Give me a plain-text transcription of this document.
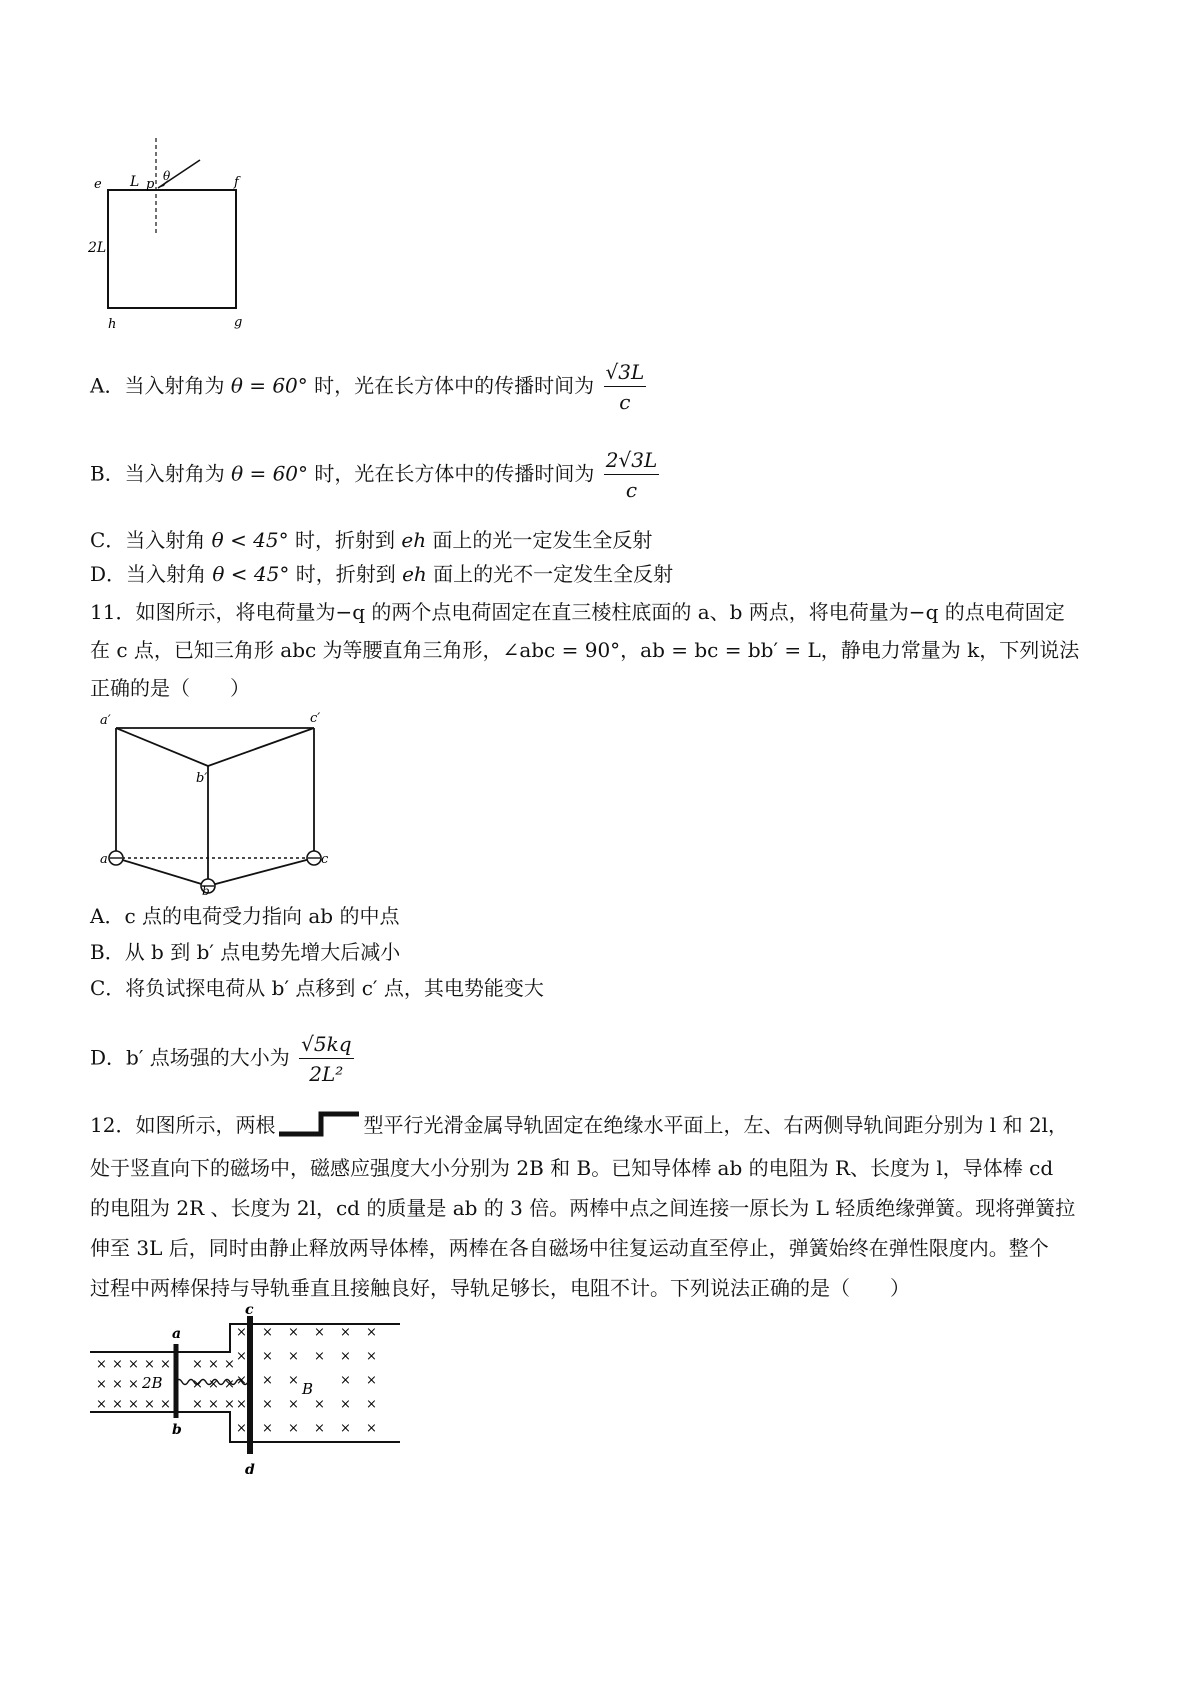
e L p
θ	f
2L
h	g
A．当入射角为 θ = 60° 时，光在长方体中的传播时间为 $\frac{√3L}{c}$
B．当入射角为 θ = 60° 时，光在长方体中的传播时间为 $\frac{2√3L}{c}$
C．当入射角 θ < 45° 时，折射到 eh 面上的光一定发生全反射
D．当入射角 θ < 45° 时，折射到 eh 面上的光不一定发生全反射
11．如图所示，将电荷量为−q 的两个点电荷固定在直三棱柱底面的 a、b 两点，将电荷量为−q 的点电荷固定
在 c 点，已知三角形 abc 为等腰直角三角形，∠abc = 90°，ab = bc = bb′ = L，静电力常量为 k，下列说法
正确的是（　　）
a′	c′
b′
a	c
b
A．c 点的电荷受力指向 ab 的中点
B．从 b 到 b′ 点电势先增大后减小
C．将负试探电荷从 b′ 点移到 c′ 点，其电势能变大
D．b′ 点场强的大小为 $\frac{√5kq}{\text{2L²}}$
12．如图所示，两根	型平行光滑金属导轨固定在绝缘水平面上，左、右两侧导轨间距分别为 l 和 2l，
处于竖直向下的磁场中，磁感应强度大小分别为 2B 和 B。已知导体棒 ab 的电阻为 R、长度为 l，导体棒 cd
的电阻为 2R 、长度为 2l，cd 的质量是 ab 的 3 倍。两棒中点之间连接一原长为 L 轻质绝缘弹簧。现将弹簧拉
伸至 3L 后，同时由静止释放两导体棒，两棒在各自磁场中往复运动直至停止，弹簧始终在弹性限度内。整个
过程中两棒保持与导轨垂直且接触良好，导轨足够长，电阻不计。下列说法正确的是（　　）
× × × × × × × ×
× × ×	× × ×
× × × × × × × ×
× × × × × ×
× × × × × ×
× × ×	× ×
× × × × × ×
× × × × × ×
a
b
c
d
2B	B
